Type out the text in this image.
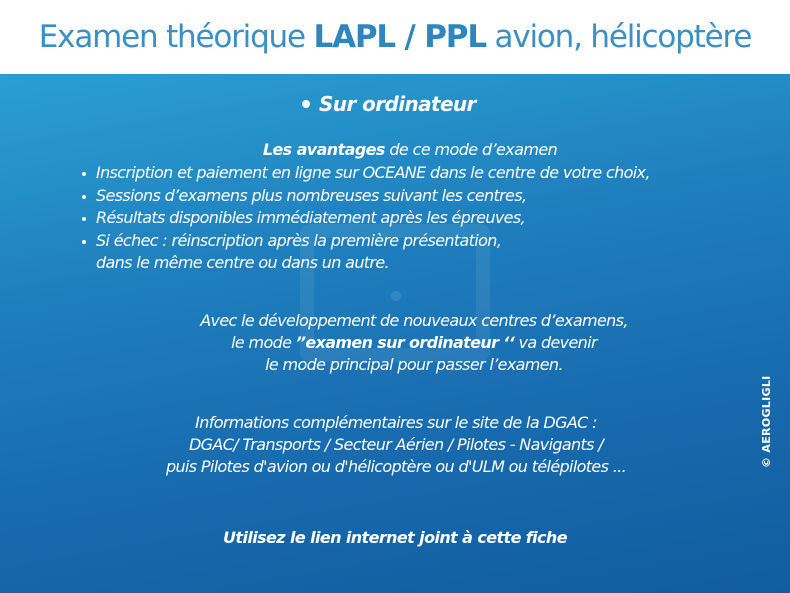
Examen théorique LAPL / PPL avion, hélicoptère
Sur ordinateur
Les avantages de ce mode d’examen
Inscription et paiement en ligne sur OCEANE dans le centre de votre choix,
Sessions d’examens plus nombreuses suivant les centres,
Résultats disponibles immédiatement après les épreuves,
Si échec : réinscription après la première présentation,
dans le même centre ou dans un autre.
Avec le développement de nouveaux centres d’examens,
le mode ”examen sur ordinateur ‘‘ va devenir
le mode principal pour passer l’examen.
Informations complémentaires sur le site de la DGAC :
DGAC/ Transports / Secteur Aérien / Pilotes - Navigants /
puis Pilotes d'avion ou d'hélicoptère ou d'ULM ou télépilotes ...
Utilisez le lien internet joint à cette fiche
© AEROGLIGLI
